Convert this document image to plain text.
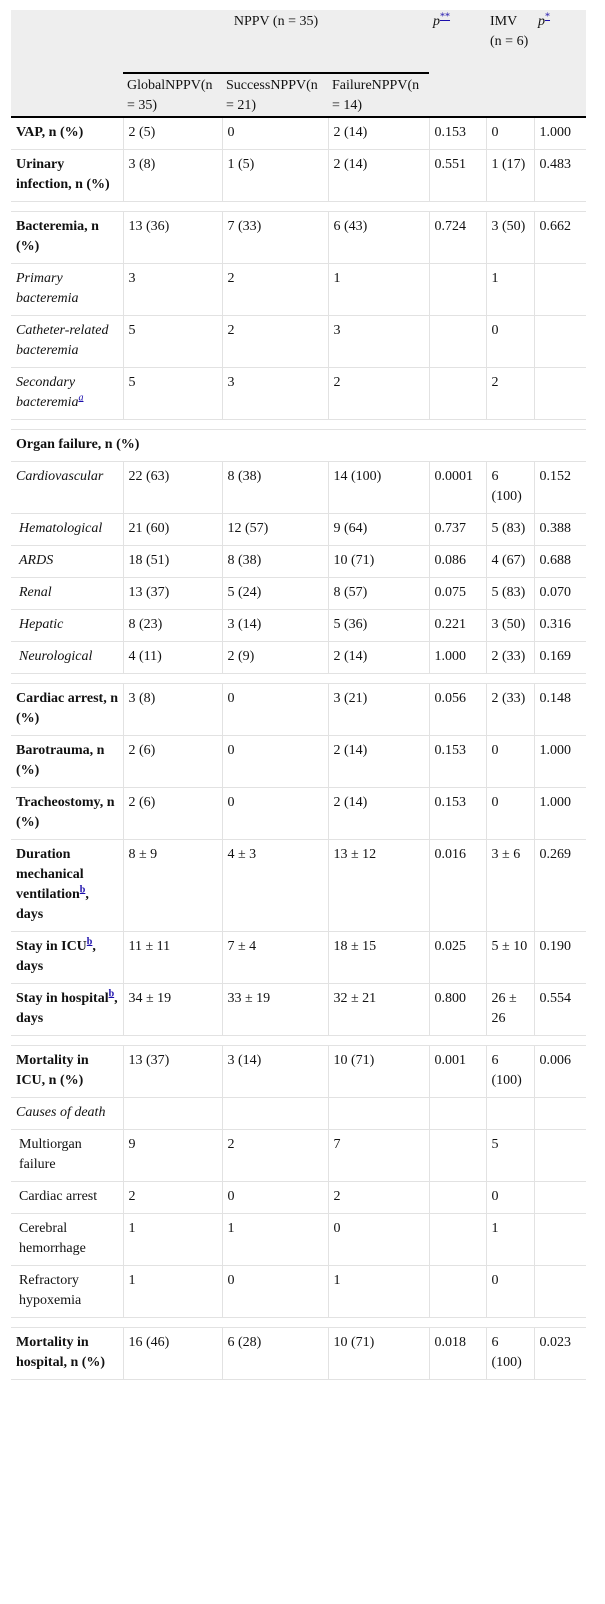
	NPPV (n = 35)			p**	IMV (n = 6)	p*
	GlobalNPPV(n = 35)	SuccessNPPV(n = 21)	FailureNPPV(n = 14)			
VAP, n (%)	2 (5)	0	2 (14)	0.153	0	1.000
Urinary infection, n (%)	3 (8)	1 (5)	2 (14)	0.551	1 (17)	0.483

Bacteremia, n (%)	13 (36)	7 (33)	6 (43)	0.724	3 (50)	0.662
Primary bacteremia	3	2	1		1	
Catheter-related bacteremia	5	2	3		0	
Secondary bacteremia$^a$	5	3	2		2	

Organ failure, n (%)						
Cardiovascular	22 (63)	8 (38)	14 (100)	0.0001	6 (100)	0.152
Hematological	21 (60)	12 (57)	9 (64)	0.737	5 (83)	0.388
ARDS	18 (51)	8 (38)	10 (71)	0.086	4 (67)	0.688
Renal	13 (37)	5 (24)	8 (57)	0.075	5 (83)	0.070
Hepatic	8 (23)	3 (14)	5 (36)	0.221	3 (50)	0.316
Neurological	4 (11)	2 (9)	2 (14)	1.000	2 (33)	0.169

Cardiac arrest, n (%)	3 (8)	0	3 (21)	0.056	2 (33)	0.148
Barotrauma, n (%)	2 (6)	0	2 (14)	0.153	0	1.000
Tracheostomy, n (%)	2 (6)	0	2 (14)	0.153	0	1.000
Duration mechanical ventilation$^b$, days	8 ± 9	4 ± 3	13 ± 12	0.016	3 ± 6	0.269
Stay in ICU$^b$, days	11 ± 11	7 ± 4	18 ± 15	0.025	5 ± 10	0.190
Stay in hospital$^b$, days	34 ± 19	33 ± 19	32 ± 21	0.800	26 ± 26	0.554

Mortality in ICU, n (%)	13 (37)	3 (14)	10 (71)	0.001	6 (100)	0.006
Causes of death						
Multiorgan failure	9	2	7		5	
Cardiac arrest	2	0	2		0	
Cerebral hemorrhage	1	1	0		1	
Refractory hypoxemia	1	0	1		0	

Mortality in hospital, n (%)	16 (46)	6 (28)	10 (71)	0.018	6 (100)	0.023
